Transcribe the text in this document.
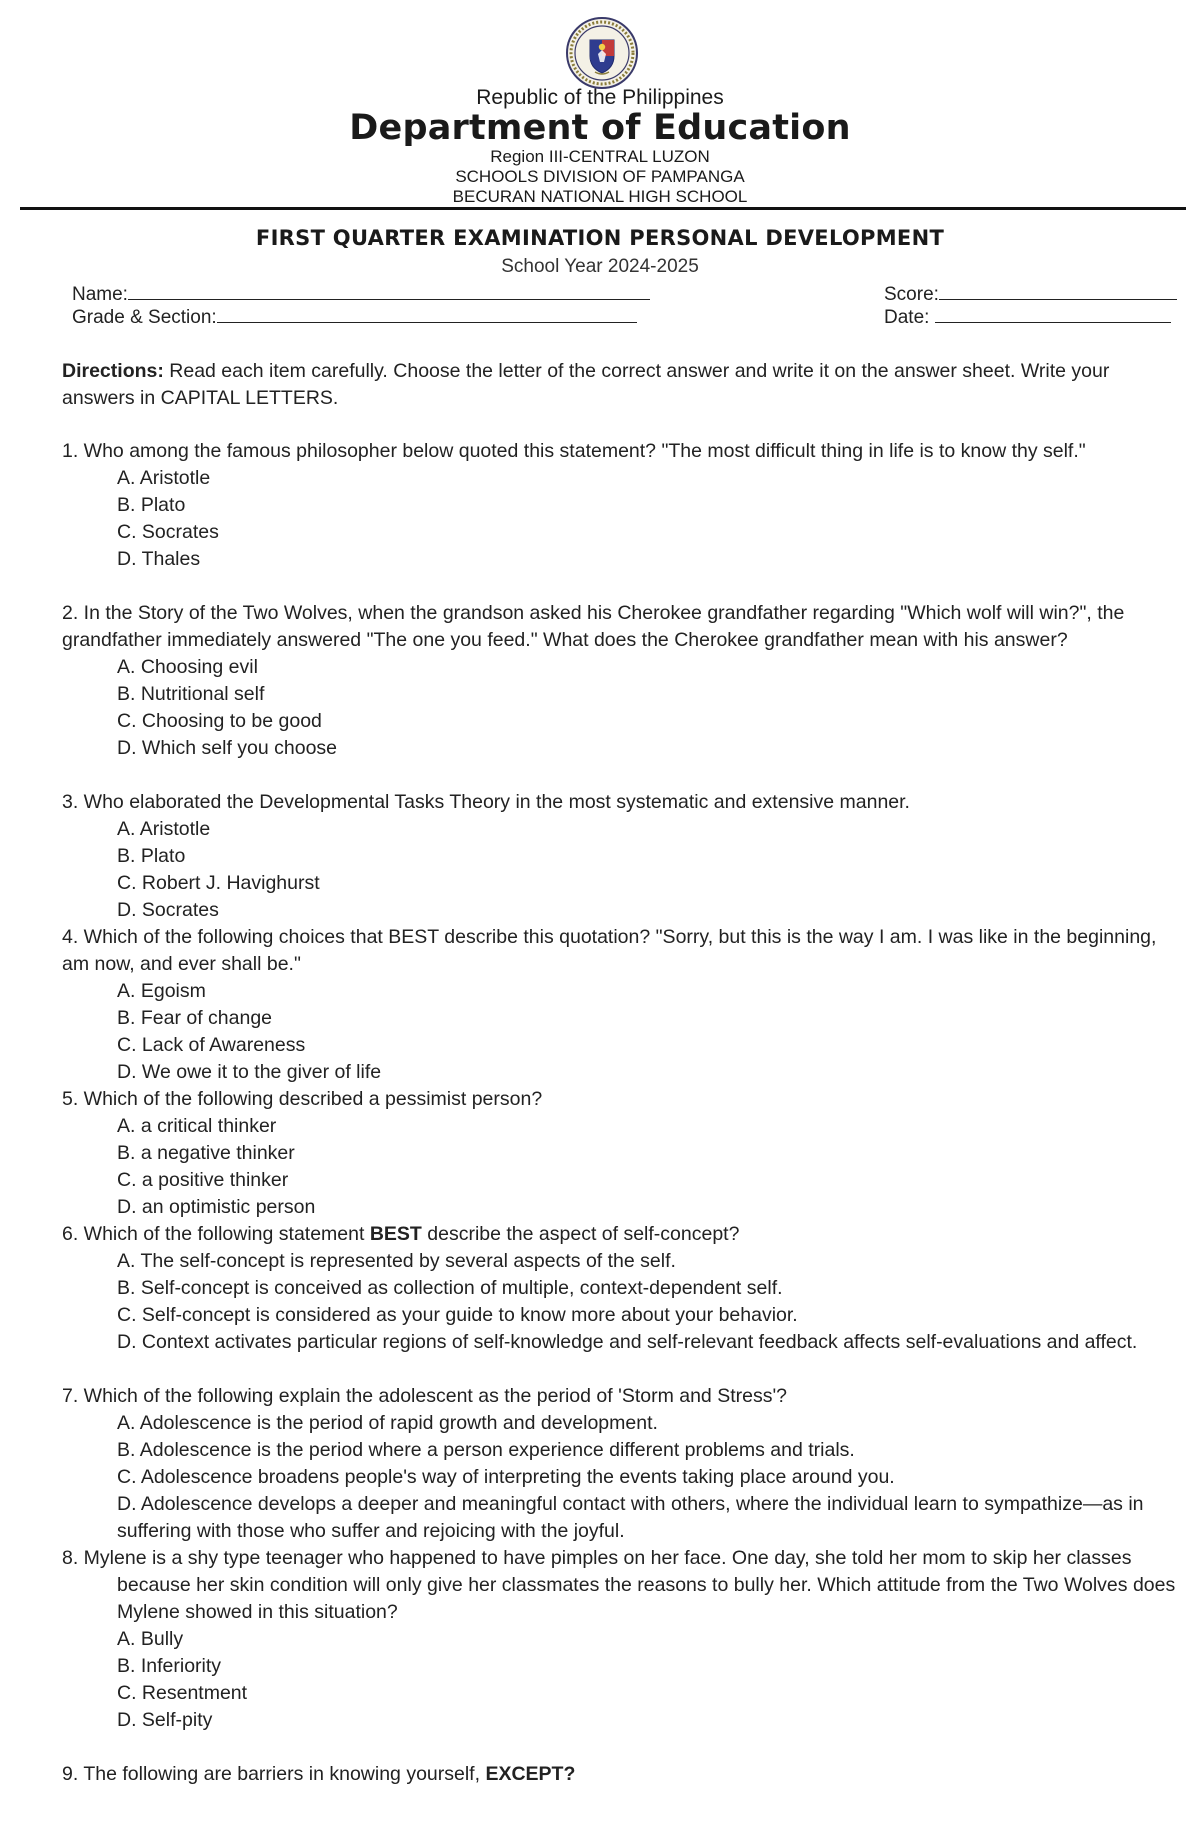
Republic of the Philippines
Department of Education
Region III-CENTRAL LUZON
SCHOOLS DIVISION OF PAMPANGA
BECURAN NATIONAL HIGH SCHOOL
FIRST QUARTER EXAMINATION PERSONAL DEVELOPMENT
School Year 2024-2025
Name:
Grade & Section:
Score:
Date:
Directions: Read each item carefully. Choose the letter of the correct answer and write it on the answer sheet. Write your answers in CAPITAL LETTERS.
1. Who among the famous philosopher below quoted this statement? "The most difficult thing in life is to know thy self."
A. Aristotle
B. Plato
C. Socrates
D. Thales
2. In the Story of the Two Wolves, when the grandson asked his Cherokee grandfather regarding "Which wolf will win?", the grandfather immediately answered "The one you feed." What does the Cherokee grandfather mean with his answer?
A. Choosing evil
B. Nutritional self
C. Choosing to be good
D. Which self you choose
3. Who elaborated the Developmental Tasks Theory in the most systematic and extensive manner.
A. Aristotle
B. Plato
C. Robert J. Havighurst
D. Socrates
4. Which of the following choices that BEST describe this quotation? "Sorry, but this is the way I am. I was like in the beginning, am now, and ever shall be."
A. Egoism
B. Fear of change
C. Lack of Awareness
D. We owe it to the giver of life
5. Which of the following described a pessimist person?
A. a critical thinker
B. a negative thinker
C. a positive thinker
D. an optimistic person
6. Which of the following statement BEST describe the aspect of self-concept?
A. The self-concept is represented by several aspects of the self.
B. Self-concept is conceived as collection of multiple, context-dependent self.
C. Self-concept is considered as your guide to know more about your behavior.
D. Context activates particular regions of self-knowledge and self-relevant feedback affects self-evaluations and affect.
7. Which of the following explain the adolescent as the period of 'Storm and Stress'?
A. Adolescence is the period of rapid growth and development.
B. Adolescence is the period where a person experience different problems and trials.
C. Adolescence broadens people's way of interpreting the events taking place around you.
D. Adolescence develops a deeper and meaningful contact with others, where the individual learn to sympathize—as in suffering with those who suffer and rejoicing with the joyful.
8. Mylene is a shy type teenager who happened to have pimples on her face. One day, she told her mom to skip her classes because her skin condition will only give her classmates the reasons to bully her. Which attitude from the Two Wolves does Mylene showed in this situation?
A. Bully
B. Inferiority
C. Resentment
D. Self-pity
9. The following are barriers in knowing yourself, EXCEPT?
